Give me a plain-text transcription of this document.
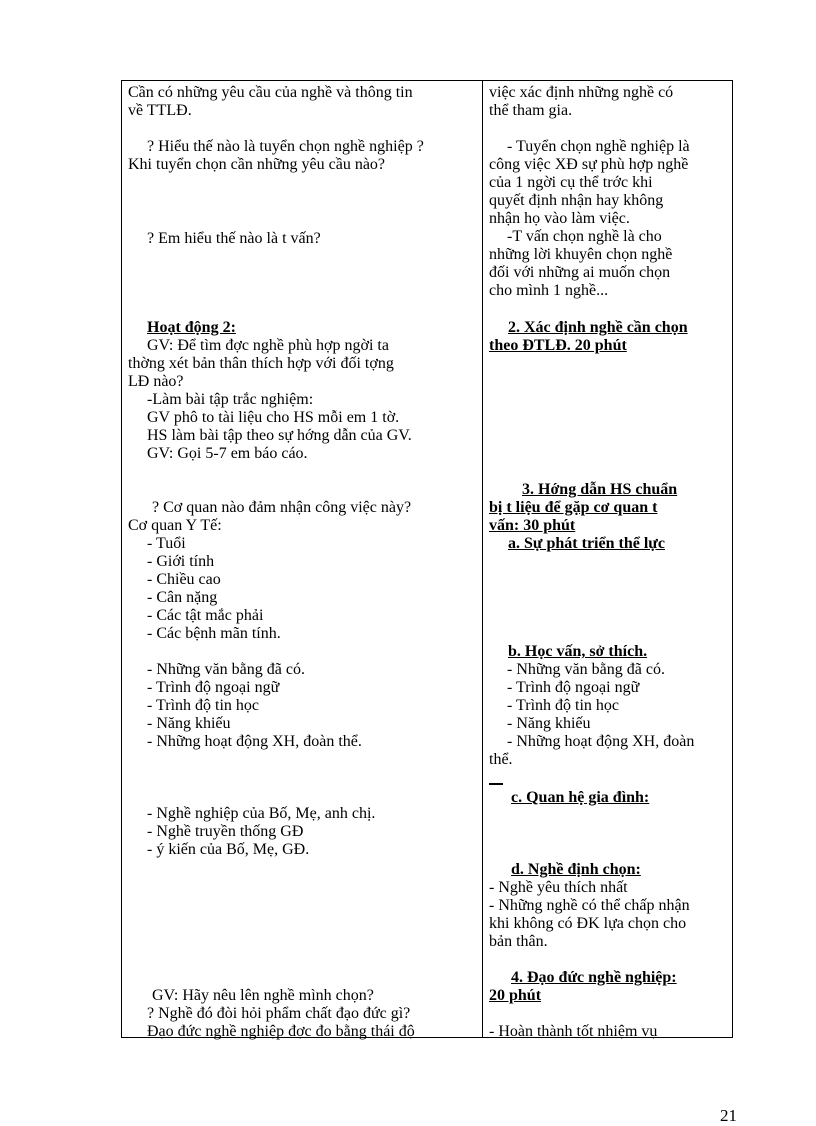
Cần có những yêu cầu của nghề và thông tin
về TTLĐ.
? Hiểu thế nào là tuyển chọn nghề nghiệp ?
Khi tuyển chọn cần những yêu cầu nào?
? Em hiểu thế nào là t vấn?
Hoạt động 2:
GV: Để tìm đợc nghề phù hợp ngời ta
thờng xét bản thân thích hợp với đối tợng
LĐ nào?
-Làm bài tập trắc nghiệm:
GV phô to tài liệu cho HS mỗi em 1 tờ.
HS làm bài tập theo sự hớng dẫn của GV.
GV: Gọi 5-7 em báo cáo.
? Cơ quan nào đảm nhận công việc này?
Cơ quan Y Tế:
- Tuổi
- Giới tính
- Chiều cao
- Cân nặng
- Các tật mắc phải
- Các bệnh mãn tính.
- Những văn bằng đã có.
- Trình độ ngoại ngữ
- Trình độ tin học
- Năng khiếu
- Những hoạt động XH, đoàn thể.
- Nghề nghiệp của Bố, Mẹ, anh chị.
- Nghề truyền thống GĐ
- ý kiến của Bố, Mẹ, GĐ.
GV: Hãy nêu lên nghề mình chọn?
? Nghề đó đòi hỏi phẩm chất đạo đức gì?
Đạo đức nghề nghiệp đợc đo bằng thái độ
việc xác định những nghề có
thể tham gia.
- Tuyển chọn nghề nghiệp là
công việc XĐ sự phù hợp nghề
của 1 ngời cụ thể trớc khi
quyết định nhận hay không
nhận họ vào làm việc.
-T vấn chọn nghề là cho
những lời khuyên chọn nghề
đối với những ai muốn chọn
cho mình 1 nghề...
2. Xác định nghề cần chọn
theo ĐTLĐ. 20 phút
3. Hớng dẫn HS chuẩn
bị t liệu để gặp cơ quan t
vấn: 30 phút
a. Sự phát triển thể lực
b. Học vấn, sở thích.
- Những văn bằng đã có.
- Trình độ ngoại ngữ
- Trình độ tin học
- Năng khiếu
- Những hoạt động XH, đoàn
thể.
c. Quan hệ gia đình:
d. Nghề định chọn:
- Nghề yêu thích nhất
- Những nghề có thể chấp nhận
khi không có ĐK lựa chọn cho
bản thân.
4. Đạo đức nghề nghiệp:
20 phút
- Hoàn thành tốt nhiệm vụ
21
